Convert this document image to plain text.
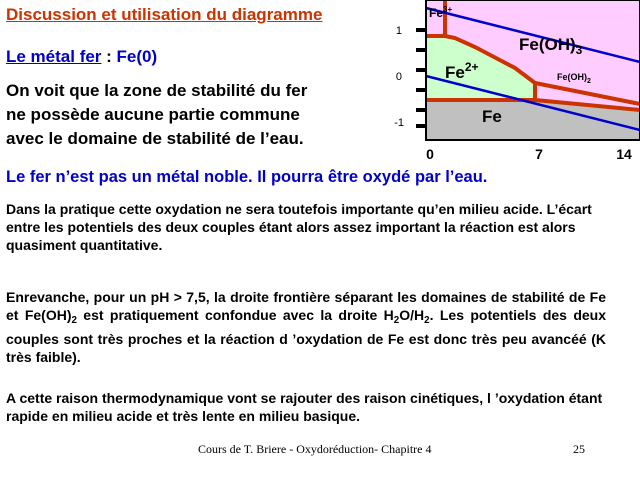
Discussion et utilisation du diagramme

Le métal fer : Fe(0)

On voit que la zone de stabilité du fer
ne possède aucune partie commune
avec le domaine de stabilité de l’eau.

Le fer n’est pas un métal noble. Il pourra être oxydé par l’eau.

Dans la pratique cette oxydation ne sera toutefois importante qu’en milieu acide. L’écart entre les potentiels des deux couples étant alors assez important la réaction est alors quasiment quantitative.

Enrevanche, pour un pH > 7,5, la droite frontière séparant les domaines de stabilité de Fe et $Fe(OH)_2$ est pratiquement confondue avec la droite $H_2O/H_2$. Les potentiels des deux couples sont très proches et la réaction d ’oxydation de Fe est donc très peu avancéé (K très faible).

A cette raison thermodynamique vont se rajouter des raison cinétiques, l ’oxydation étant rapide en milieu acide et très lente en milieu basique.

1
0
-1
0	7	14
$Fe^{3+}$
$Fe(OH)_3$
$Fe^{2+}$
$Fe(OH)_2$
Fe
Cours de T. Briere - Oxydoréduction- Chapitre 4	25
